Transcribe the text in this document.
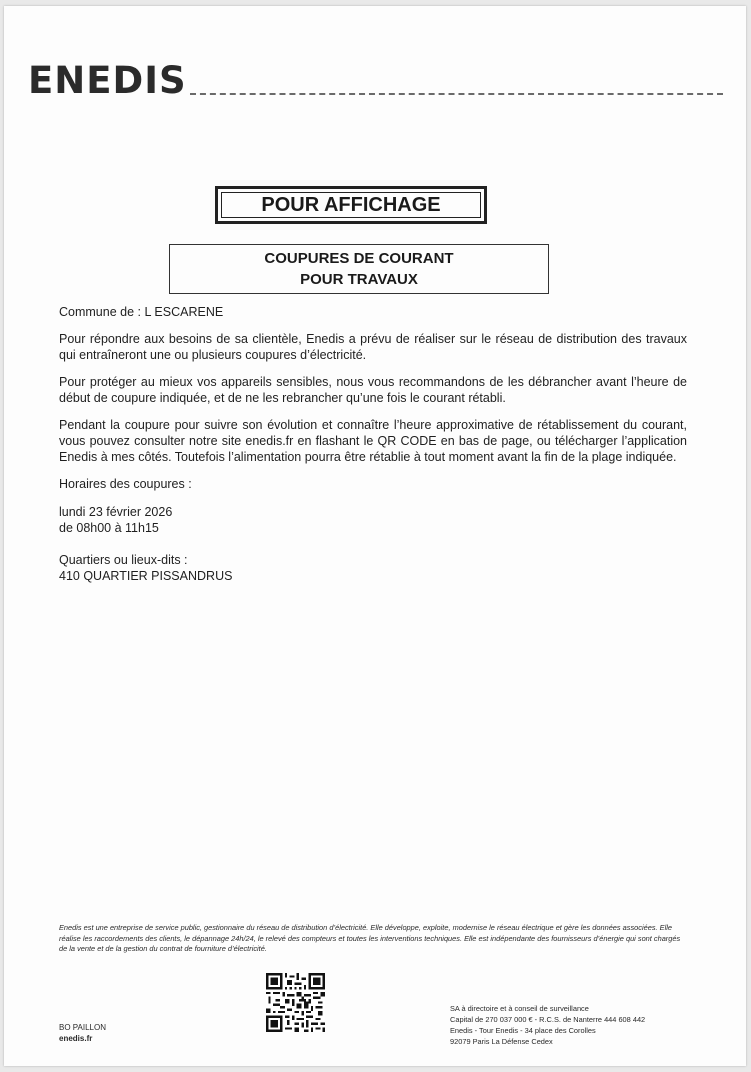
ENEDIS
POUR AFFICHAGE
COUPURES DE COURANT
POUR TRAVAUX

Commune de : L ESCARENE

Pour répondre aux besoins de sa clientèle, Enedis a prévu de réaliser sur le réseau de distribution des travaux qui entraîneront une ou plusieurs coupures d’électricité.

Pour protéger au mieux vos appareils sensibles, nous vous recommandons de les débrancher avant l’heure de début de coupure indiquée, et de ne les rebrancher qu’une fois le courant rétabli.

Pendant la coupure pour suivre son évolution et connaître l’heure approximative de rétablissement du courant, vous pouvez consulter notre site enedis.fr en flashant le QR CODE en bas de page, ou télécharger l’application Enedis à mes côtés. Toutefois l’alimentation pourra être rétablie à tout moment avant la fin de la plage indiquée.

Horaires des coupures :

lundi 23 février 2026
de 08h00 à 11h15
Quartiers ou lieux-dits :
410 QUARTIER PISSANDRUS
Enedis est une entreprise de service public, gestionnaire du réseau de distribution d’électricité. Elle développe, exploite, modernise le réseau électrique et gère les données associées. Elle réalise les raccordements des clients, le dépannage 24h/24, le relevé des compteurs et toutes les interventions techniques. Elle est indépendante des fournisseurs d’énergie qui sont chargés de la vente et de la gestion du contrat de fourniture d’électricité.
BO PAILLON
enedis.fr
SA à directoire et à conseil de surveillance
Capital de 270 037 000 € - R.C.S. de Nanterre 444 608 442
Enedis - Tour Enedis - 34 place des Corolles
92079 Paris La Défense Cedex
